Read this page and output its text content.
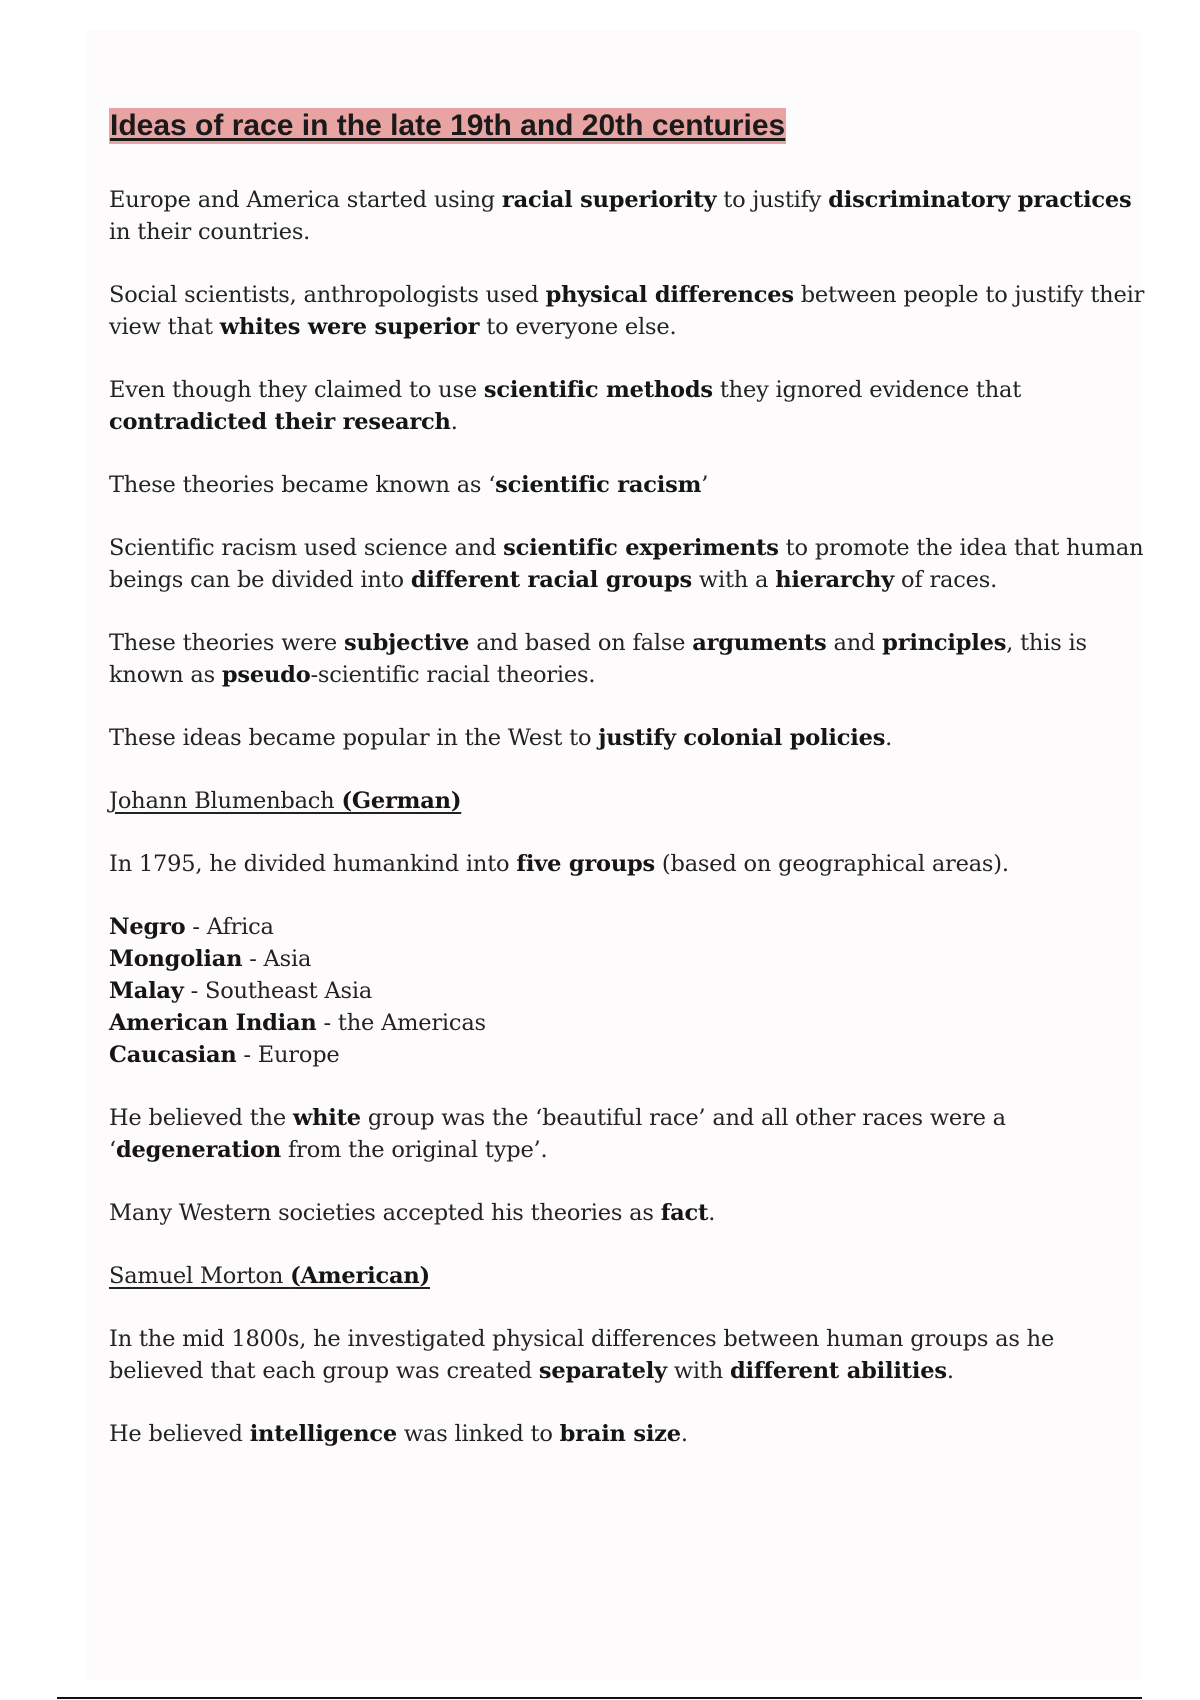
Ideas of race in the late 19th and 20th centuries

Europe and America started using racial superiority to justify discriminatory practices in their countries.

Social scientists, anthropologists used physical differences between people to justify their view that whites were superior to everyone else.

Even though they claimed to use scientific methods they ignored evidence that contradicted their research.

These theories became known as ‘scientific racism’

Scientific racism used science and scientific experiments to promote the idea that human beings can be divided into different racial groups with a hierarchy of races.

These theories were subjective and based on false arguments and principles, this is known as pseudo-scientific racial theories.

These ideas became popular in the West to justify colonial policies.

Johann Blumenbach (German)

In 1795, he divided humankind into five groups (based on geographical areas).

Negro - Africa
Mongolian - Asia
Malay - Southeast Asia
American Indian - the Americas
Caucasian - Europe

He believed the white group was the ‘beautiful race’ and all other races were a ‘degeneration from the original type’.

Many Western societies accepted his theories as fact.

Samuel Morton (American)

In the mid 1800s, he investigated physical differences between human groups as he believed that each group was created separately with different abilities.

He believed intelligence was linked to brain size.
